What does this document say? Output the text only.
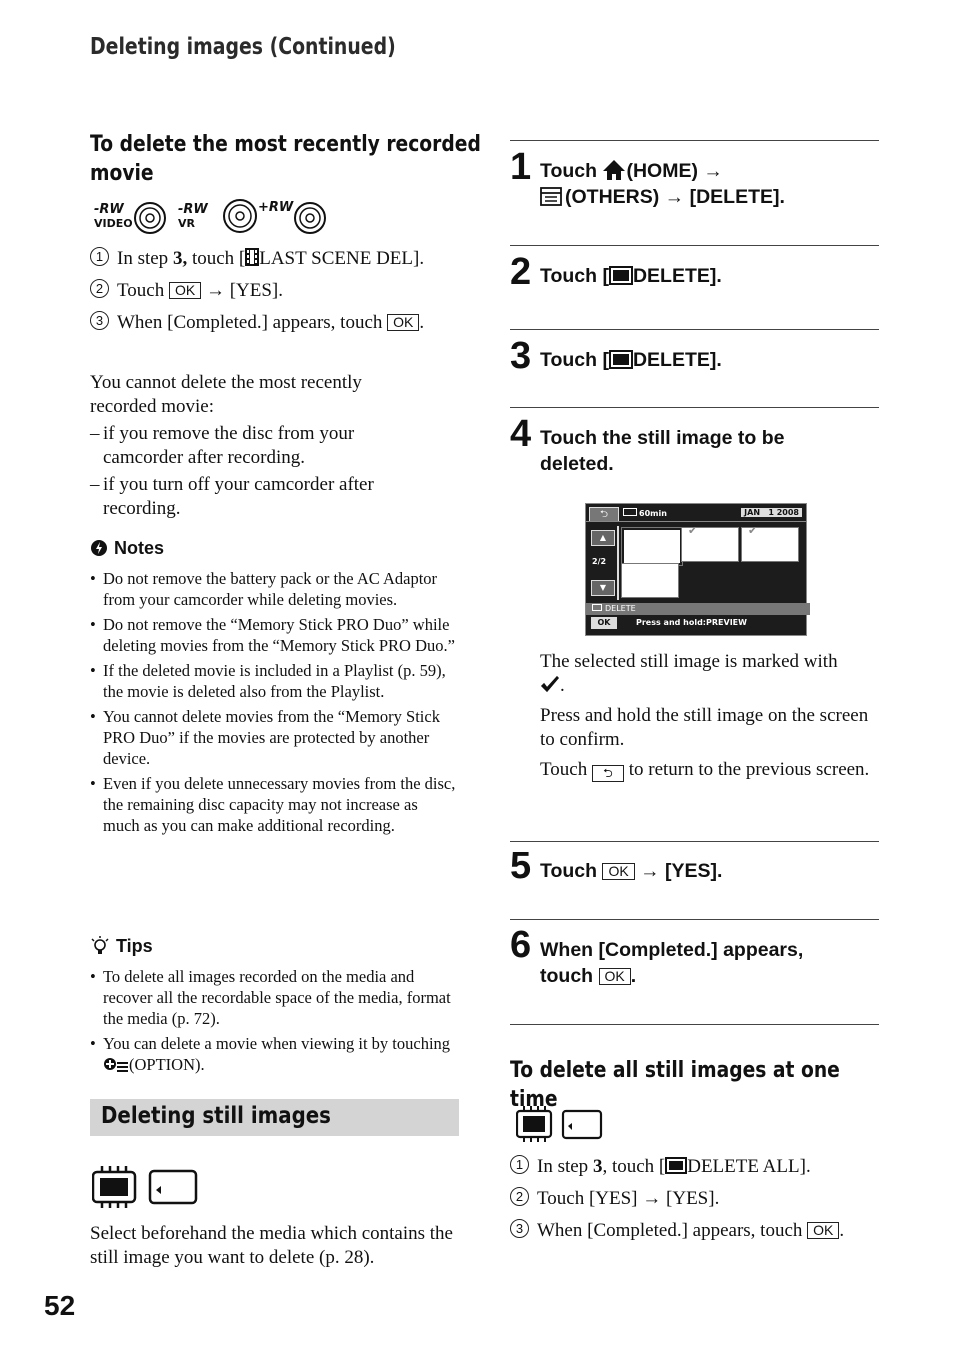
Deleting images (Continued)
To delete the most recently recorded
movie
-RW
VIDEO
-RW
VR
+RW
1 In step 3, touch [ LAST SCENE DEL].
2 Touch OK → [YES].
3 When [Completed.] appears, touch OK .
You cannot delete the most recently recorded movie:
– if you remove the disc from your camcorder after recording.
– if you turn off your camcorder after recording.
Notes
• Do not remove the battery pack or the AC Adaptor from your camcorder while deleting movies.
• Do not remove the “Memory Stick PRO Duo” while deleting movies from the “Memory Stick PRO Duo.”
• If the deleted movie is included in a Playlist (p. 59), the movie is deleted also from the Playlist.
• You cannot delete movies from the “Memory Stick PRO Duo” if the movies are protected by another device.
• Even if you delete unnecessary movies from the disc, the remaining disc capacity may not increase as much as you can make additional recording.
Tips
• To delete all images recorded on the media and recover all the recordable space of the media, format the media (p. 72).
• You can delete a movie when viewing it by touching (OPTION).
Deleting still images
Select beforehand the media which contains the still image you want to delete (p. 28).
52
1 Touch (HOME) →
(OTHERS) → [DELETE].
2 Touch [ DELETE].
3 Touch [ DELETE].
4 Touch the still image to be
deleted.
⮌	60min	JAN   1 2008
▲
2/2
▼
✔	✔
DELETE
OK	Press and hold:PREVIEW
The selected still image is marked with
.
Press and hold the still image on the screen to confirm.
Touch ⮌ to return to the previous screen.
5 Touch OK → [YES].
6 When [Completed.] appears,
touch OK .
To delete all still images at one time
1 In step 3, touch [ DELETE ALL].
2 Touch [YES] → [YES].
3 When [Completed.] appears, touch OK .
